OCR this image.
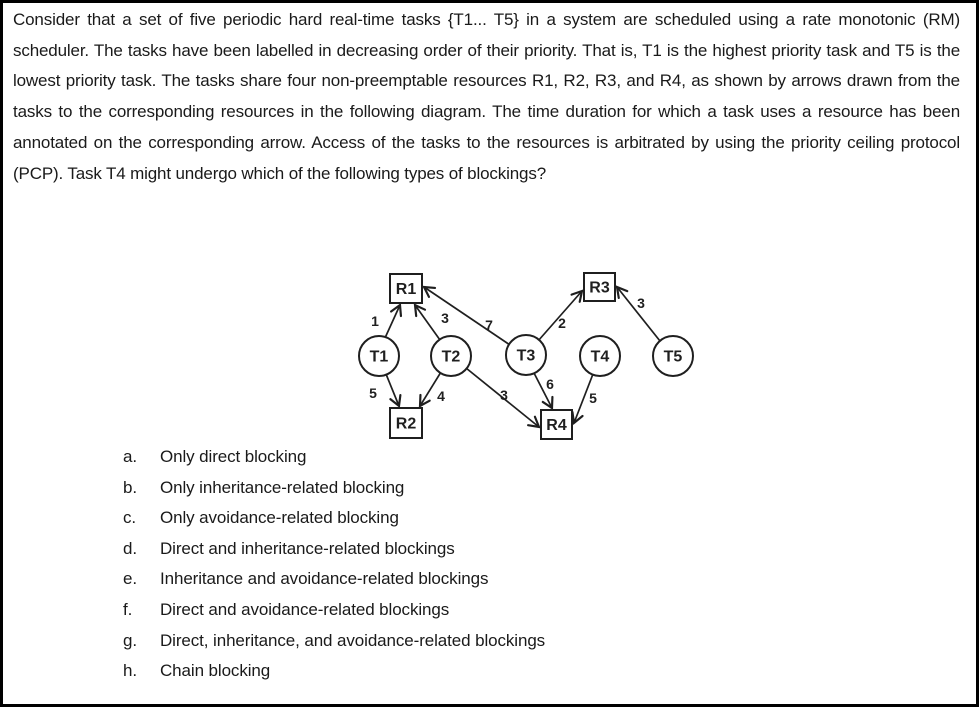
Consider that a set of five periodic hard real-time tasks {T1... T5} in a system are scheduled using a rate monotonic (RM) scheduler. The tasks have been labelled in decreasing order of their priority. That is, T1 is the highest priority task and T5 is the lowest priority task. The tasks share four non-preemptable resources R1, R2, R3, and R4, as shown by arrows drawn from the tasks to the corresponding resources in the following diagram. The time duration for which a task uses a resource has been annotated on the corresponding arrow. Access of the tasks to the resources is arbitrated by using the priority ceiling protocol (PCP). Task T4 might undergo which of the following types of blockings?

1	3	7	2
3
5	4	3
6
5
T1	T2	T3	T4	T5
R1	R3
R2	R4
a.	Only direct blocking
b.	Only inheritance-related blocking
c.	Only avoidance-related blocking
d.	Direct and inheritance-related blockings
e.	Inheritance and avoidance-related blockings
f.	Direct and avoidance-related blockings
g.	Direct, inheritance, and avoidance-related blockings
h.	Chain blocking
